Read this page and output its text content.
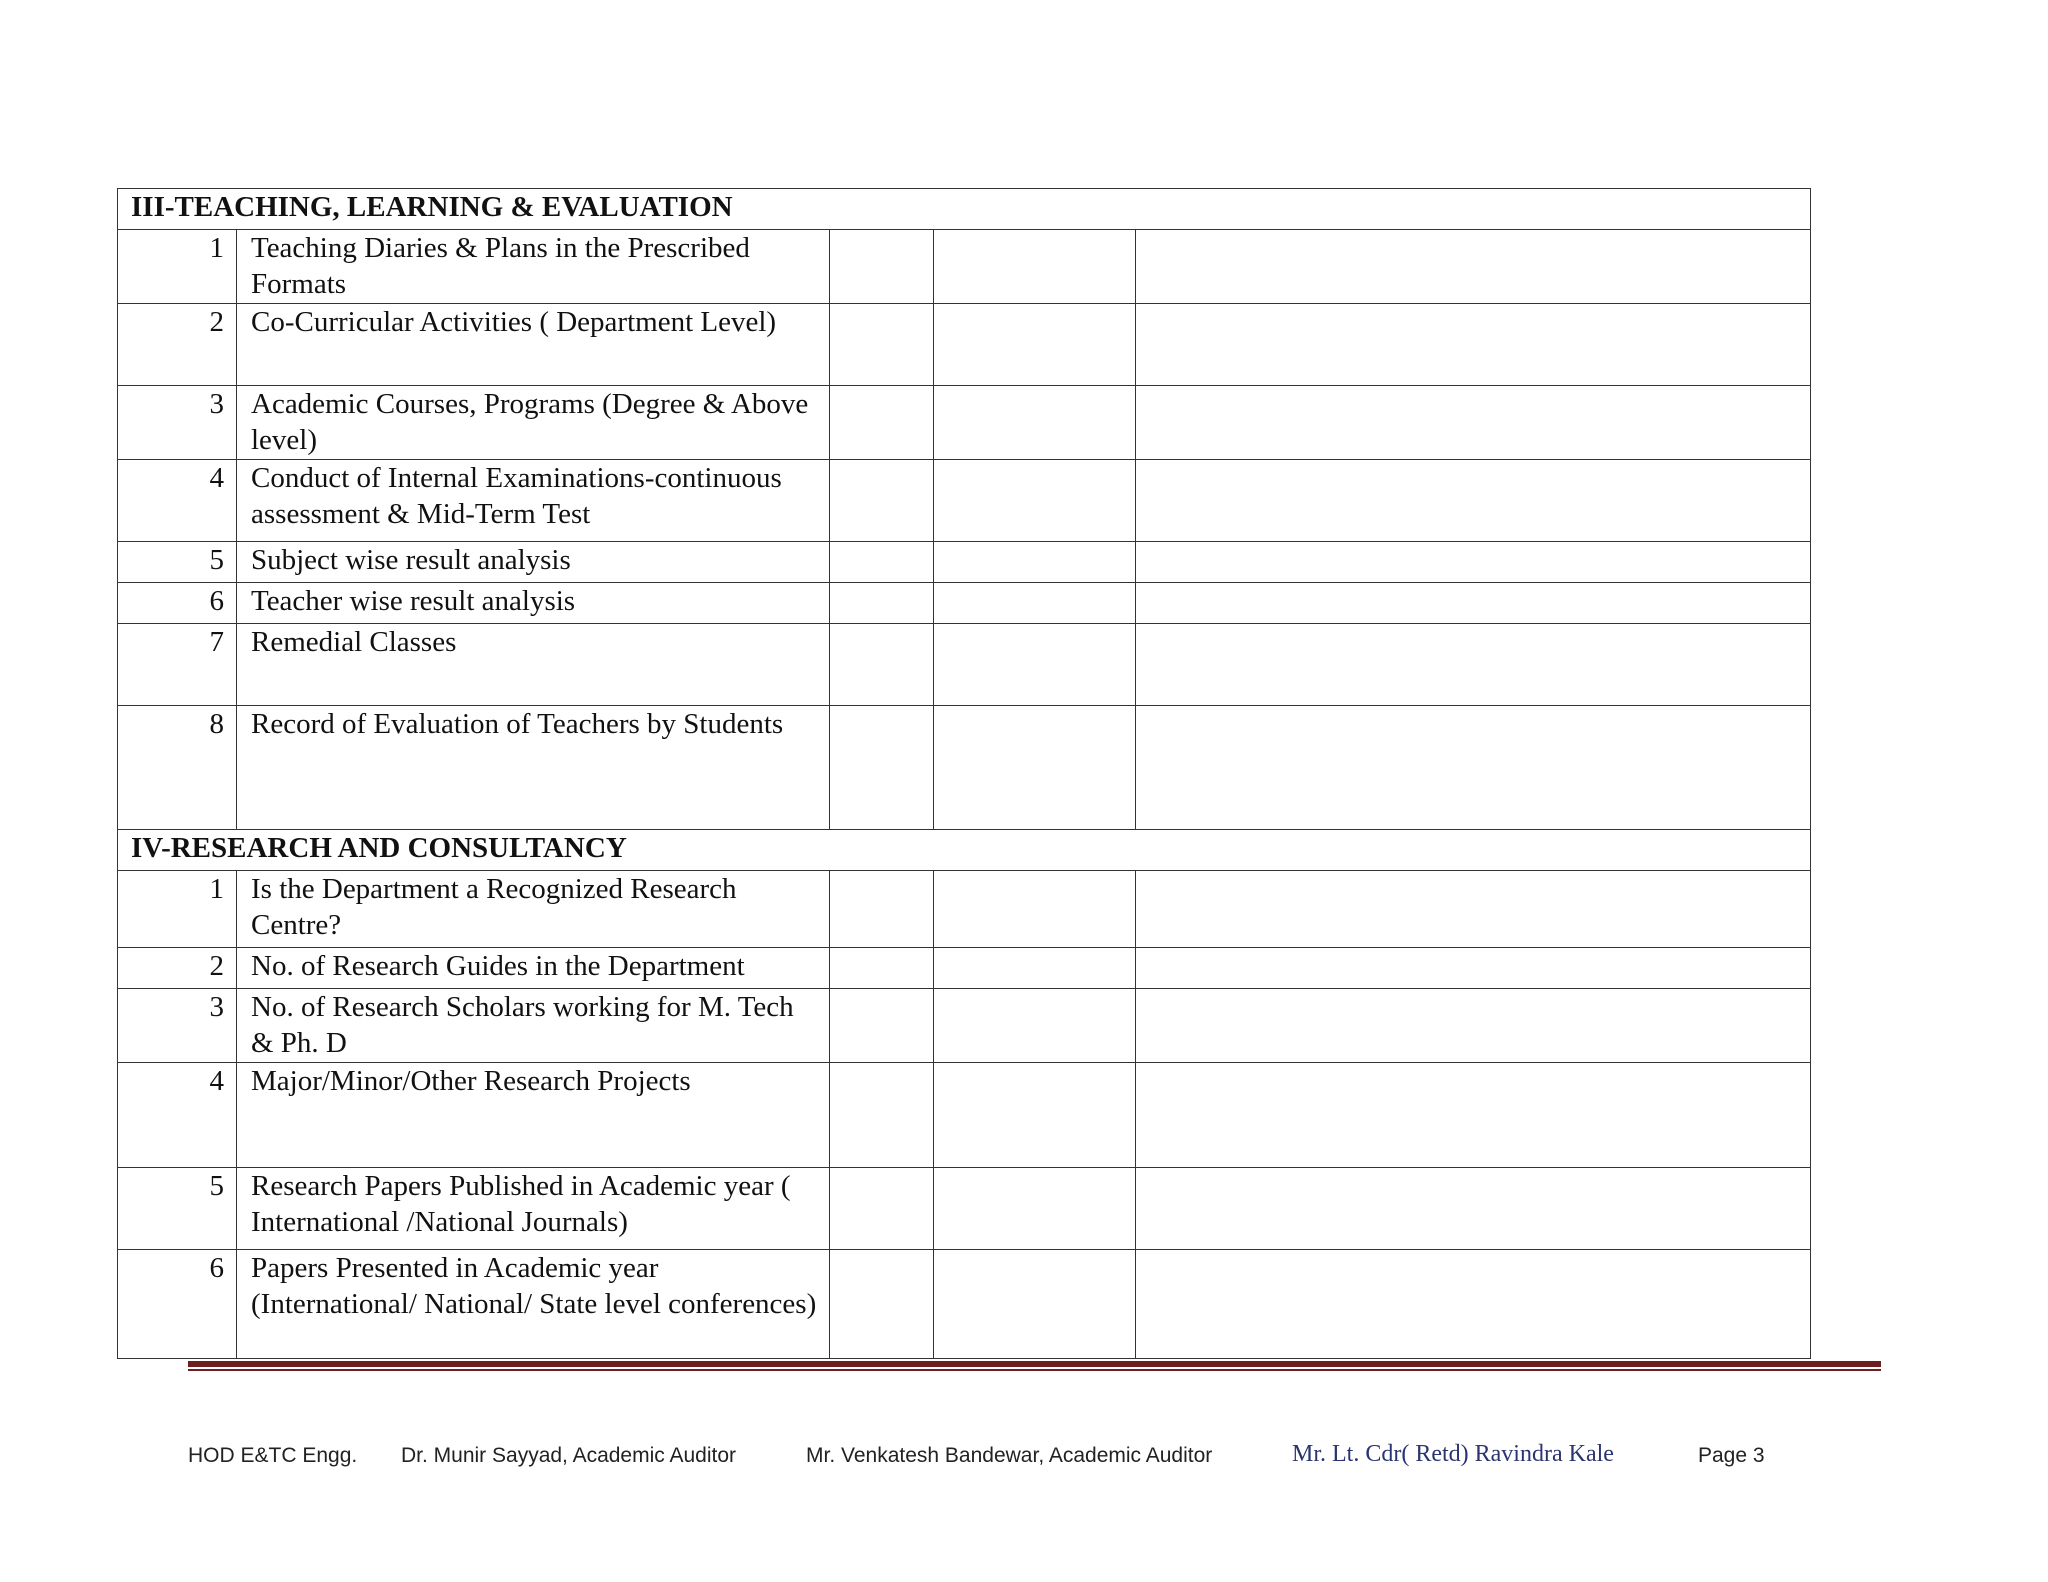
III-TEACHING, LEARNING & EVALUATION				
1	Teaching Diaries & Plans in the Prescribed Formats			
2	Co-Curricular Activities ( Department Level)			
3	Academic Courses, Programs (Degree & Above level)			
4	Conduct of Internal Examinations-continuous assessment & Mid-Term Test			
5	Subject wise result analysis			
6	Teacher wise result analysis			
7	Remedial Classes			
8	Record of Evaluation of Teachers by Students			
IV-RESEARCH AND CONSULTANCY				
1	Is the Department a Recognized Research Centre?			
2	No. of Research Guides in the Department			
3	No. of Research Scholars working for M. Tech & Ph. D			
4	Major/Minor/Other Research Projects			
5	Research Papers Published in Academic year ( International /National Journals)			
6	Papers Presented in Academic year (International/ National/ State level conferences)			
HOD E&TC Engg. Dr. Munir Sayyad, Academic Auditor	Mr. Venkatesh Bandewar, Academic Auditor	Mr. Lt. Cdr( Retd) Ravindra Kale	Page 3
